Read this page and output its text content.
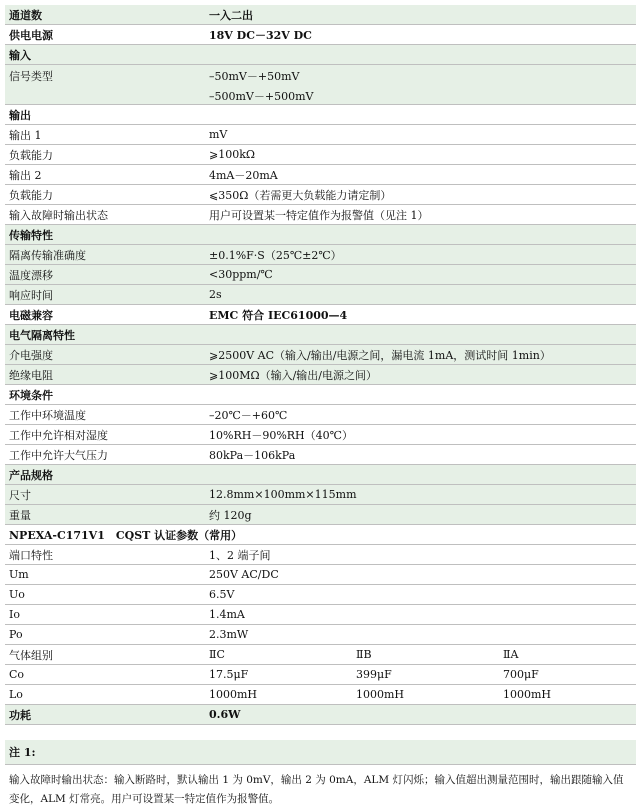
通道数	一入二出
供电电源	18V DC－32V DC
输入
信号类型	–50mV－+50mV
–500mV－+500mV
输出
输出 1	mV
负载能力	⩾100kΩ
输出 2	4mA－20mA
负载能力	⩽350Ω（若需更大负载能力请定制）
输入故障时输出状态	用户可设置某一特定值作为报警值（见注 1）
传输特性
隔离传输准确度	±0.1%F·S（25℃±2℃）
温度漂移	<30ppm/℃
响应时间	2s
电磁兼容	EMC 符合 IEC61000—4
电气隔离特性
介电强度	⩾2500V AC（输入/输出/电源之间，漏电流 1mA，测试时间 1min）
绝缘电阻	⩾100MΩ（输入/输出/电源之间）
环境条件
工作中环境温度	–20℃－+60℃
工作中允许相对湿度	10%RH－90%RH（40℃）
工作中允许大气压力	80kPa－106kPa
产品规格
尺寸	12.8mm×100mm×115mm
重量	约 120g
NPEXA-C171V1　CQST 认证参数（常用）
端口特性	1、2 端子间
Um	250V AC/DC
Uo	6.5V
Io	1.4mA
Po	2.3mW
气体组别	ⅡC	ⅡB	ⅡA
Co	17.5μF	399μF	700μF
Lo	1000mH	1000mH	1000mH
功耗	0.6W
注 1:
输入故障时输出状态：输入断路时，默认输出 1 为 0mV，输出 2 为 0mA，ALM 灯闪烁；输入值超出测量范围时，输出跟随输入值变化，ALM 灯常亮。用户可设置某一特定值作为报警值。
